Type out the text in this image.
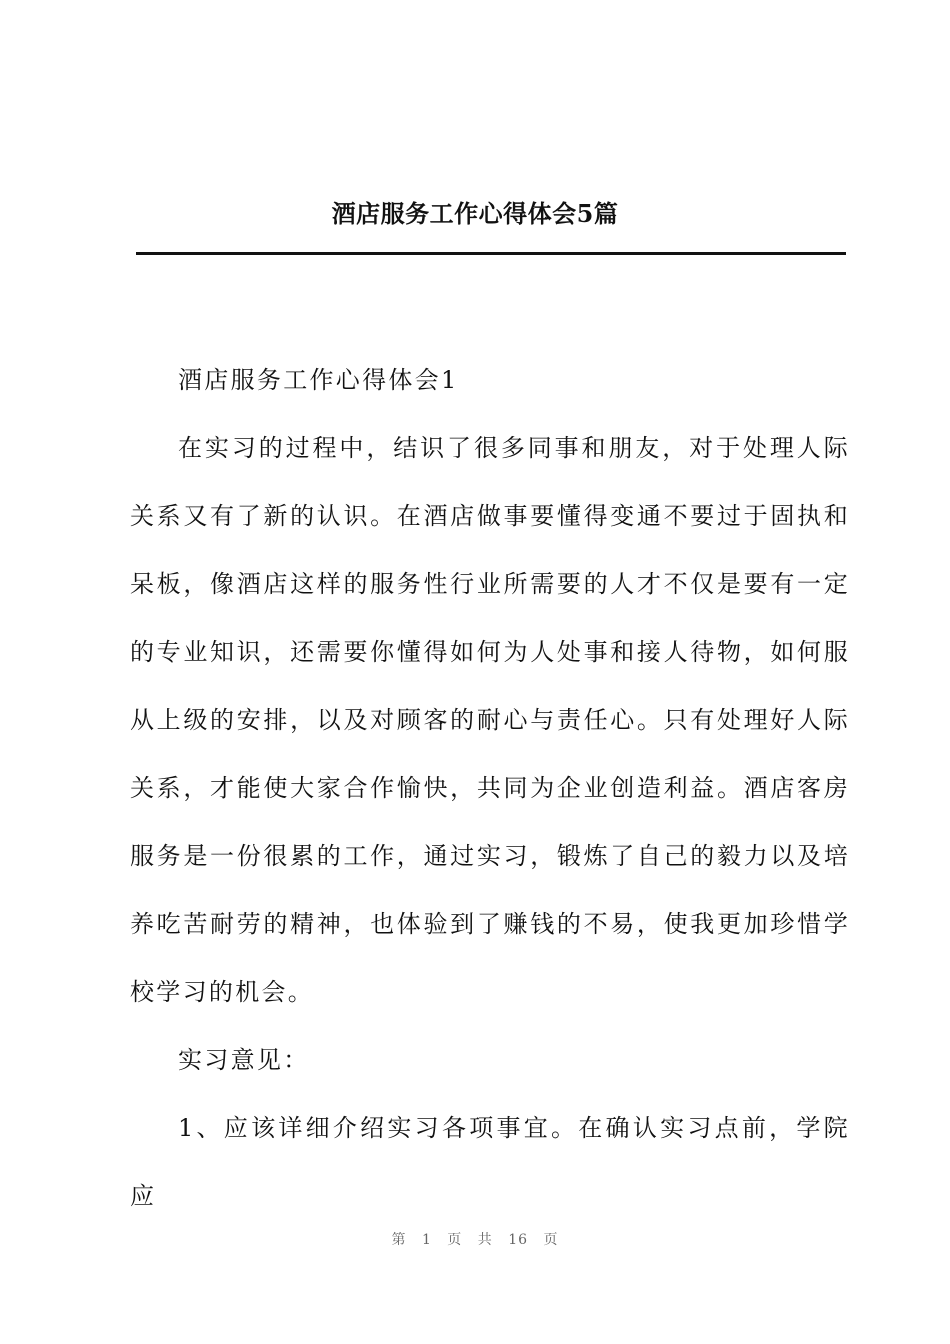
酒店服务工作心得体会5篇

酒店服务工作心得体会1

在实习的过程中，结识了很多同事和朋友，对于处理人际关系又有了新的认识。在酒店做事要懂得变通不要过于固执和呆板，像酒店这样的服务性行业所需要的人才不仅是要有一定的专业知识，还需要你懂得如何为人处事和接人待物，如何服从上级的安排，以及对顾客的耐心与责任心。只有处理好人际关系，才能使大家合作愉快，共同为企业创造利益。酒店客房服务是一份很累的工作，通过实习，锻炼了自己的毅力以及培养吃苦耐劳的精神，也体验到了赚钱的不易，使我更加珍惜学校学习的机会。

实习意见：

1、应该详细介绍实习各项事宜。在确认实习点前，学院应

第 1 页 共 16 页
